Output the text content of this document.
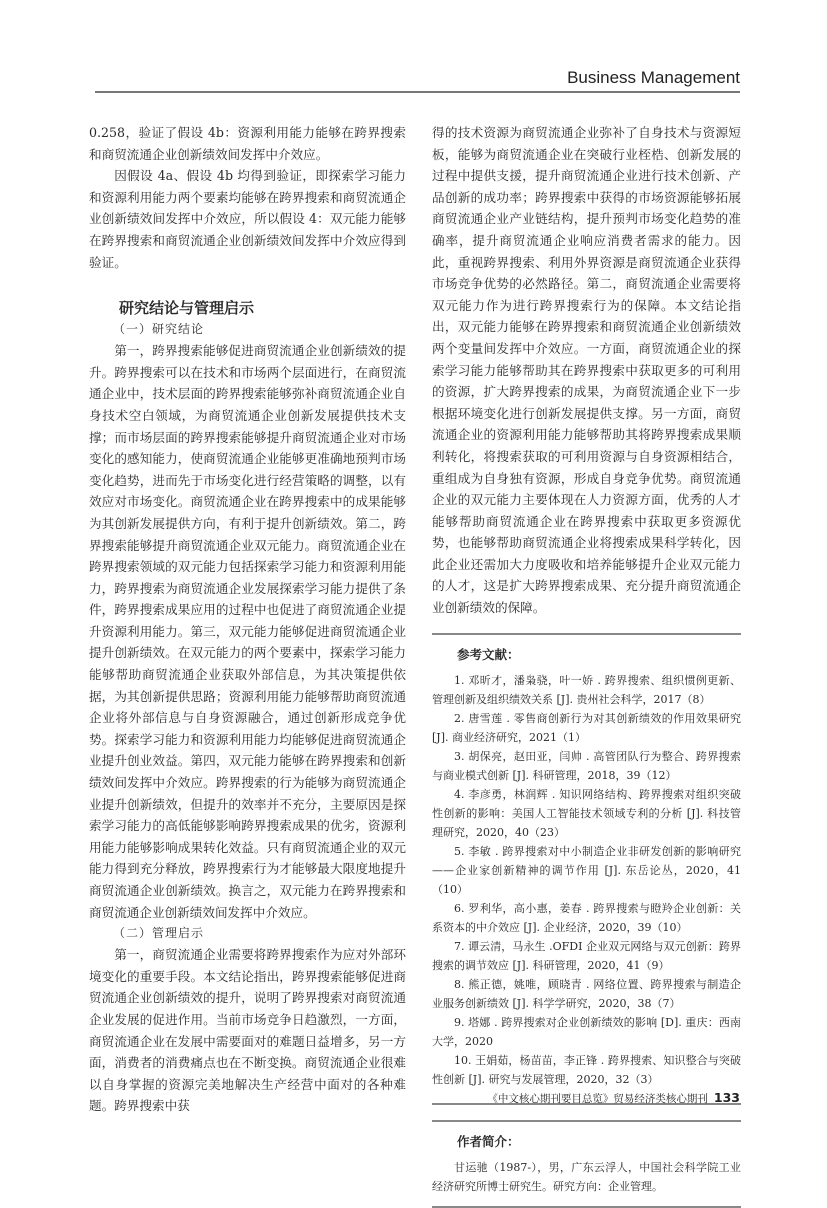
Business Management

0.258，验证了假设 4b：资源利用能力能够在跨界搜索和商贸流通企业创新绩效间发挥中介效应。

因假设 4a、假设 4b 均得到验证，即探索学习能力和资源利用能力两个要素均能够在跨界搜索和商贸流通企业创新绩效间发挥中介效应，所以假设 4：双元能力能够在跨界搜索和商贸流通企业创新绩效间发挥中介效应得到验证。

研究结论与管理启示
（一）研究结论

第一，跨界搜索能够促进商贸流通企业创新绩效的提升。跨界搜索可以在技术和市场两个层面进行，在商贸流通企业中，技术层面的跨界搜索能够弥补商贸流通企业自身技术空白领域，为商贸流通企业创新发展提供技术支撑；而市场层面的跨界搜索能够提升商贸流通企业对市场变化的感知能力，使商贸流通企业能够更准确地预判市场变化趋势，进而先于市场变化进行经营策略的调整，以有效应对市场变化。商贸流通企业在跨界搜索中的成果能够为其创新发展提供方向，有利于提升创新绩效。第二，跨界搜索能够提升商贸流通企业双元能力。商贸流通企业在跨界搜索领域的双元能力包括探索学习能力和资源利用能力，跨界搜索为商贸流通企业发展探索学习能力提供了条件，跨界搜索成果应用的过程中也促进了商贸流通企业提升资源利用能力。第三，双元能力能够促进商贸流通企业提升创新绩效。在双元能力的两个要素中，探索学习能力能够帮助商贸流通企业获取外部信息，为其决策提供依据，为其创新提供思路；资源利用能力能够帮助商贸流通企业将外部信息与自身资源融合，通过创新形成竞争优势。探索学习能力和资源利用能力均能够促进商贸流通企业提升创业效益。第四，双元能力能够在跨界搜索和创新绩效间发挥中介效应。跨界搜索的行为能够为商贸流通企业提升创新绩效，但提升的效率并不充分，主要原因是探索学习能力的高低能够影响跨界搜索成果的优劣，资源利用能力能够影响成果转化效益。只有商贸流通企业的双元能力得到充分释放，跨界搜索行为才能够最大限度地提升商贸流通企业创新绩效。换言之，双元能力在跨界搜索和商贸流通企业创新绩效间发挥中介效应。

（二）管理启示

第一，商贸流通企业需要将跨界搜索作为应对外部环境变化的重要手段。本文结论指出，跨界搜索能够促进商贸流通企业创新绩效的提升，说明了跨界搜索对商贸流通企业发展的促进作用。当前市场竞争日趋激烈，一方面，商贸流通企业在发展中需要面对的难题日益增多，另一方面，消费者的消费痛点也在不断变换。商贸流通企业很难以自身掌握的资源完美地解决生产经营中面对的各种难题。跨界搜索中获

得的技术资源为商贸流通企业弥补了自身技术与资源短板，能够为商贸流通企业在突破行业桎梏、创新发展的过程中提供支援，提升商贸流通企业进行技术创新、产品创新的成功率；跨界搜索中获得的市场资源能够拓展商贸流通企业产业链结构，提升预判市场变化趋势的准确率，提升商贸流通企业响应消费者需求的能力。因此，重视跨界搜索、利用外界资源是商贸流通企业获得市场竞争优势的必然路径。第二，商贸流通企业需要将双元能力作为进行跨界搜索行为的保障。本文结论指出，双元能力能够在跨界搜索和商贸流通企业创新绩效两个变量间发挥中介效应。一方面，商贸流通企业的探索学习能力能够帮助其在跨界搜索中获取更多的可利用的资源，扩大跨界搜索的成果，为商贸流通企业下一步根据环境变化进行创新发展提供支撑。另一方面，商贸流通企业的资源利用能力能够帮助其将跨界搜索成果顺利转化，将搜索获取的可利用资源与自身资源相结合，重组成为自身独有资源，形成自身竞争优势。商贸流通企业的双元能力主要体现在人力资源方面，优秀的人才能够帮助商贸流通企业在跨界搜索中获取更多资源优势，也能够帮助商贸流通企业将搜索成果科学转化，因此企业还需加大力度吸收和培养能够提升企业双元能力的人才，这是扩大跨界搜索成果、充分提升商贸流通企业创新绩效的保障。

参考文献：

1. 邓昕才，潘枭骁，叶一娇 . 跨界搜索、组织惯例更新、管理创新及组织绩效关系 [J]. 贵州社会科学，2017（8）

2. 唐雪莲 . 零售商创新行为对其创新绩效的作用效果研究 [J]. 商业经济研究，2021（1）

3. 胡保亮，赵田亚，闫帅 . 高管团队行为整合、跨界搜索与商业模式创新 [J]. 科研管理，2018，39（12）

4. 李彦勇，林润辉 . 知识网络结构、跨界搜索对组织突破性创新的影响：美国人工智能技术领域专利的分析 [J]. 科技管理研究，2020，40（23）

5. 李敏 . 跨界搜索对中小制造企业非研发创新的影响研究——企业家创新精神的调节作用 [J]. 东岳论丛，2020，41（10）

6. 罗利华，高小惠，姜春 . 跨界搜索与瞪羚企业创新：关系资本的中介效应 [J]. 企业经济，2020，39（10）

7. 谭云清，马永生 .OFDI 企业双元网络与双元创新：跨界搜索的调节效应 [J]. 科研管理，2020，41（9）

8. 熊正德，姚唯，顾晓青 . 网络位置、跨界搜索与制造企业服务创新绩效 [J]. 科学学研究，2020，38（7）

9. 塔娜 . 跨界搜索对企业创新绩效的影响 [D]. 重庆：西南大学，2020

10. 王娟茹，杨苗苗，李正锋 . 跨界搜索、知识整合与突破性创新 [J]. 研究与发展管理，2020，32（3）

作者简介：

甘运驰（1987-），男，广东云浮人，中国社会科学院工业经济研究所博士研究生。研究方向：企业管理。

《中文核心期刊要目总览》贸易经济类核心期刊 133
